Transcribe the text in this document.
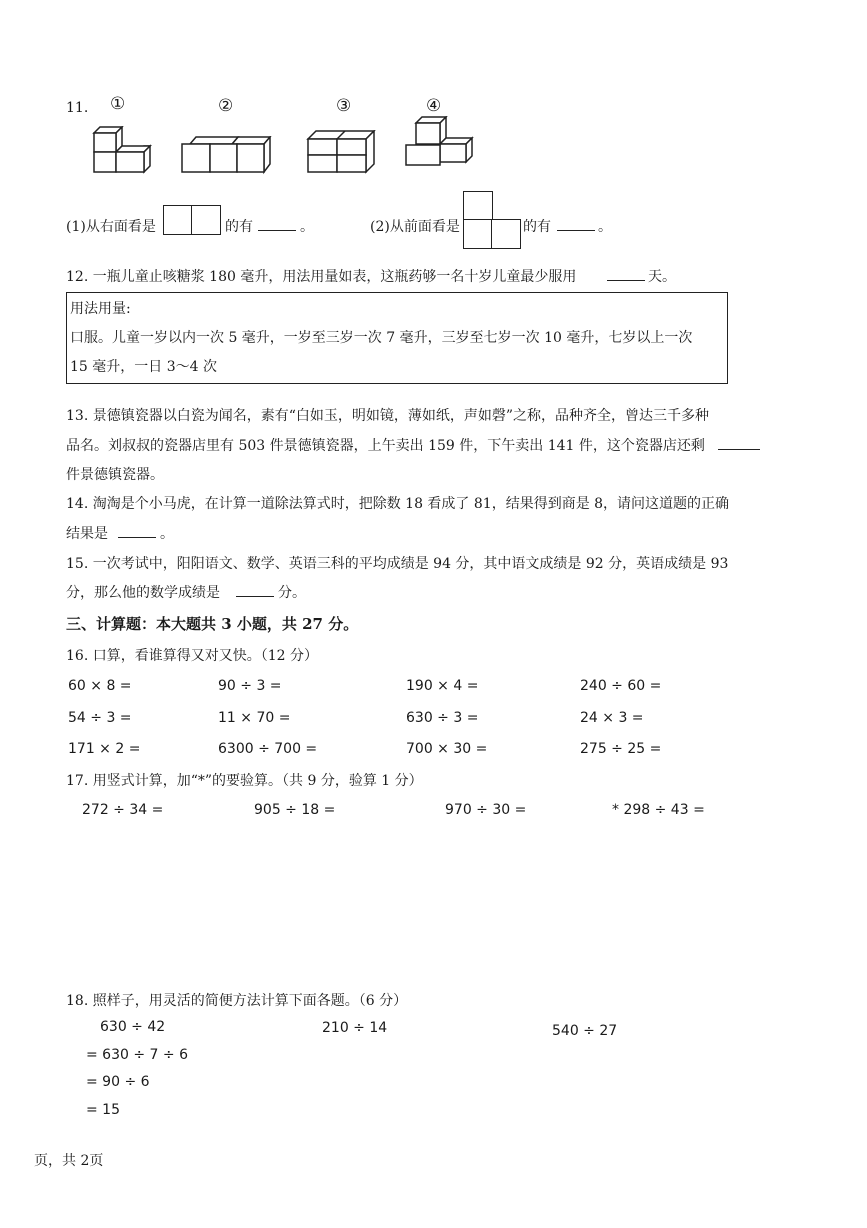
11. ①	②	③	④
(1)从右面看是	的有	。	(2)从前面看是	的有	。
12. 一瓶儿童止咳糖浆 180 毫升，用法用量如表，这瓶药够一名十岁儿童最少服用	天。
用法用量:
口服。儿童一岁以内一次 5 毫升，一岁至三岁一次 7 毫升，三岁至七岁一次 10 毫升，七岁以上一次
15 毫升，一日 3～4 次
13. 景德镇瓷器以白瓷为闻名，素有“白如玉，明如镜，薄如纸，声如磬”之称，品种齐全，曾达三千多种
品名。刘叔叔的瓷器店里有 503 件景德镇瓷器，上午卖出 159 件，下午卖出 141 件，这个瓷器店还剩
件景德镇瓷器。
14. 淘淘是个小马虎，在计算一道除法算式时，把除数 18 看成了 81，结果得到商是 8，请问这道题的正确
结果是	。
15. 一次考试中，阳阳语文、数学、英语三科的平均成绩是 94 分，其中语文成绩是 92 分，英语成绩是 93
分，那么他的数学成绩是	分。
三、计算题：本大题共 3 小题，共 27 分。
16. 口算，看谁算得又对又快。（12 分）
60 × 8 =	90 ÷ 3 =	190 × 4 =	240 ÷ 60 =
54 ÷ 3 =	11 × 70 =	630 ÷ 3 =	24 × 3 =
171 × 2 =	6300 ÷ 700 =	700 × 30 =	275 ÷ 25 =
17. 用竖式计算，加“*”的要验算。（共 9 分，验算 1 分）
272 ÷ 34 =	905 ÷ 18 =	970 ÷ 30 =	* 298 ÷ 43 =
18. 照样子，用灵活的简便方法计算下面各题。（6 分）
630 ÷ 42
= 630 ÷ 7 ÷ 6
= 90 ÷ 6
= 15
210 ÷ 14	540 ÷ 27
页，共 2页
